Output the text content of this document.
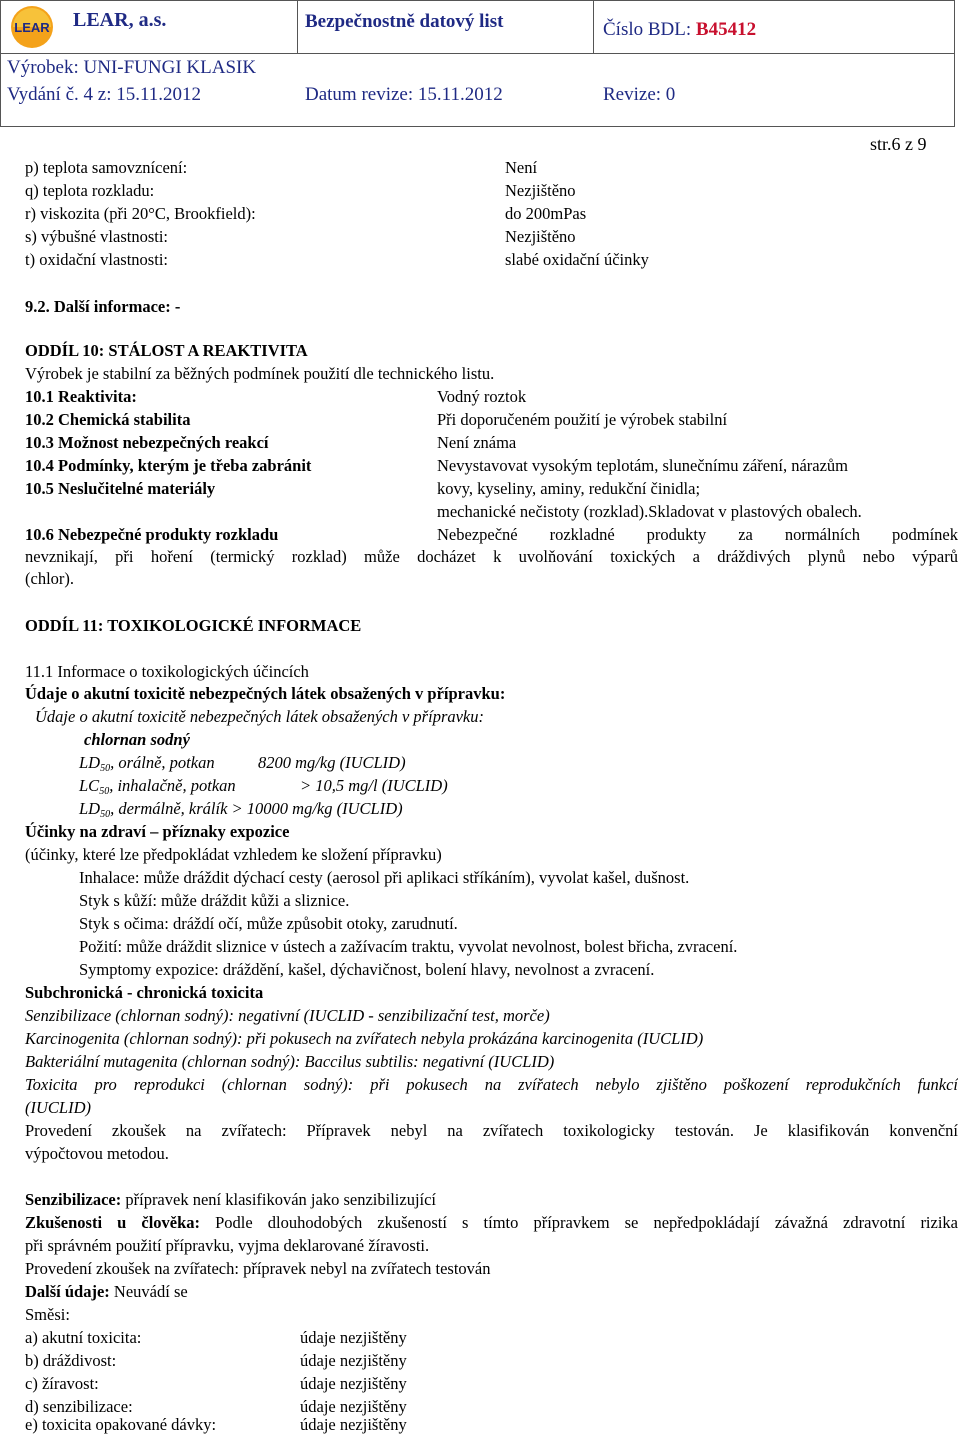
LEAR LEAR, a.s.	Bezpečnostně datový list	Číslo BDL: B45412
Výrobek: UNI-FUNGI KLASIK
Vydání č. 4 z: 15.11.2012	Datum revize: 15.11.2012	Revize: 0
str.6 z 9
p) teplota samovznícení:	Není
q) teplota rozkladu:	Nezjištěno
r) viskozita (při 20°C, Brookfield):	do 200mPas
s) výbušné vlastnosti:	Nezjištěno
t) oxidační vlastnosti:	slabé oxidační účinky
9.2. Další informace: -
ODDÍL 10: STÁLOST A REAKTIVITA
Výrobek je stabilní za běžných podmínek použití dle technického listu.
10.1 Reaktivita:	Vodný roztok
10.2 Chemická stabilita	Při doporučeném použití je výrobek stabilní
10.3 Možnost nebezpečných reakcí	Není známa
10.4 Podmínky, kterým je třeba zabránit	Nevystavovat vysokým teplotám, slunečnímu záření, nárazům
10.5 Neslučitelné materiály	kovy, kyseliny, aminy, redukční činidla;
mechanické nečistoty (rozklad).Skladovat v plastových obalech.
10.6 Nebezpečné produkty rozkladu	Nebezpečné rozkladné produkty za normálních podmínek
nevznikají, při hoření (termický rozklad) může docházet k uvolňování toxických a dráždivých plynů nebo výparů
(chlor).
ODDÍL 11: TOXIKOLOGICKÉ INFORMACE
11.1 Informace o toxikologických účincích
Údaje o akutní toxicitě nebezpečných látek obsažených v přípravku:
Údaje o akutní toxicitě nebezpečných látek obsažených v přípravku:
chlornan sodný
$LD_{50}$, orálně, potkan	8200 mg/kg (IUCLID)
$LC_{50}$, inhalačně, potkan	> 10,5 mg/l (IUCLID)
$LD_{50}$, dermálně, králík > 10000 mg/kg (IUCLID)
Účinky na zdraví – příznaky expozice
(účinky, které lze předpokládat vzhledem ke složení přípravku)
Inhalace: může dráždit dýchací cesty (aerosol při aplikaci stříkáním), vyvolat kašel, dušnost.
Styk s kůží: může dráždit kůži a sliznice.
Styk s očima: dráždí očí, může způsobit otoky, zarudnutí.
Požití: může dráždit sliznice v ústech a zažívacím traktu, vyvolat nevolnost, bolest břicha, zvracení.
Symptomy expozice: dráždění, kašel, dýchavičnost, bolení hlavy, nevolnost a zvracení.
Subchronická - chronická toxicita
Senzibilizace (chlornan sodný): negativní (IUCLID - senzibilizační test, morče)
Karcinogenita (chlornan sodný): při pokusech na zvířatech nebyla prokázána karcinogenita (IUCLID)
Bakteriální mutagenita (chlornan sodný): Baccilus subtilis: negativní (IUCLID)
Toxicita pro reprodukci (chlornan sodný): při pokusech na zvířatech nebylo zjištěno poškození reprodukčních funkcí
(IUCLID)
Provedení zkoušek na zvířatech: Přípravek nebyl na zvířatech toxikologicky testován. Je klasifikován konvenční
výpočtovou metodou.
Senzibilizace: přípravek není klasifikován jako senzibilizující
Zkušenosti u člověka: Podle dlouhodobých zkušeností s tímto přípravkem se nepředpokládají závažná zdravotní rizika
při správném použití přípravku, vyjma deklarované žíravosti.
Provedení zkoušek na zvířatech: přípravek nebyl na zvířatech testován
Další údaje: Neuvádí se
Směsi:
a) akutní toxicita:	údaje nezjištěny
b) dráždivost:	údaje nezjištěny
c) žíravost:	údaje nezjištěny
d) senzibilizace:	údaje nezjištěny
e) toxicita opakované dávky:	údaje nezjištěny
